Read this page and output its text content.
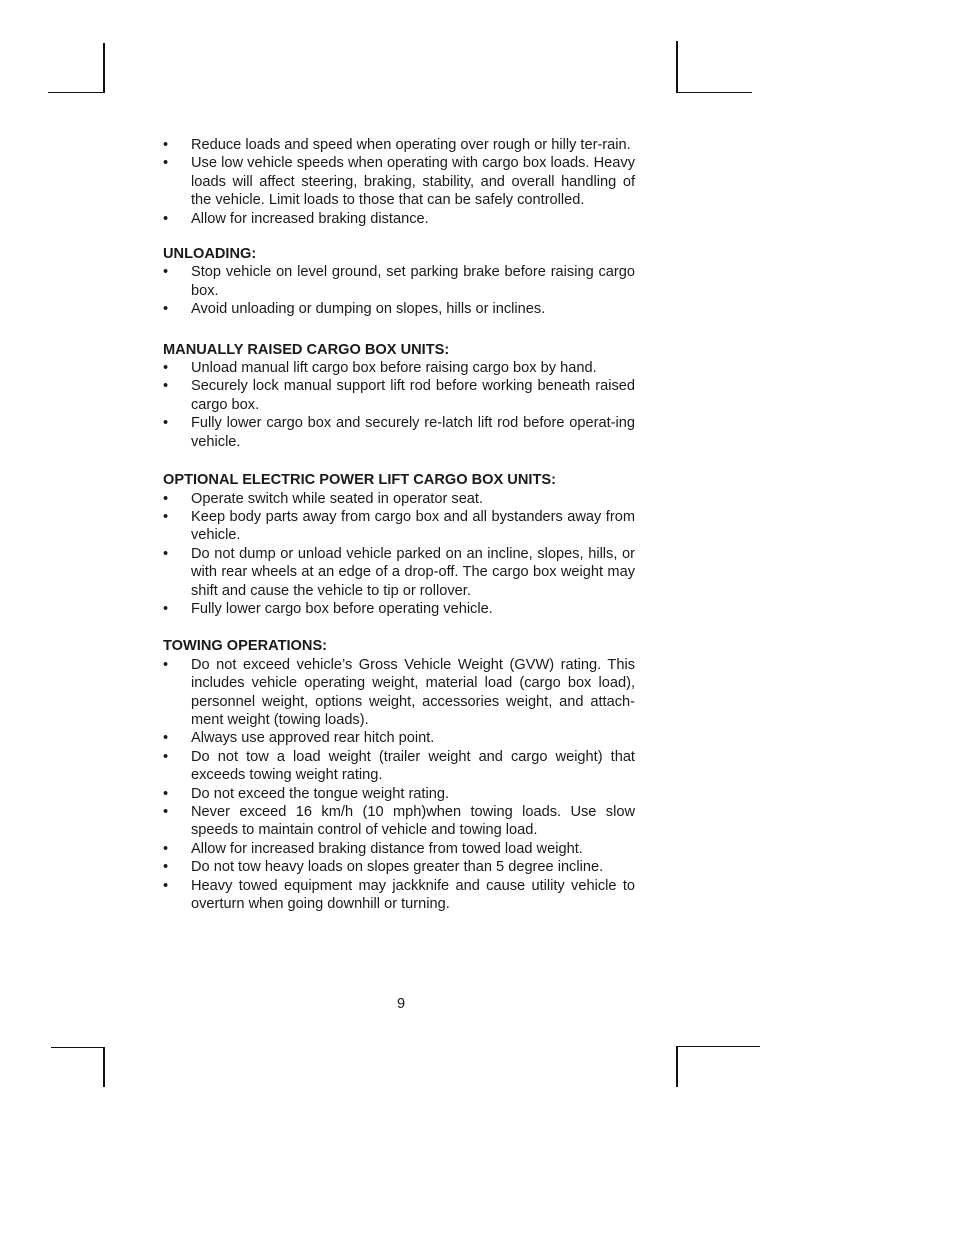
• Reduce loads and speed when operating over rough or hilly ter-rain.
• Use low vehicle speeds when operating with cargo box loads. Heavy loads will affect steering, braking, stability, and overall handling of the vehicle. Limit loads to those that can be safely controlled.
• Allow for increased braking distance.

UNLOADING:

• Stop vehicle on level ground, set parking brake before raising cargo box.
• Avoid unloading or dumping on slopes, hills or inclines.

MANUALLY RAISED CARGO BOX UNITS:

• Unload manual lift cargo box before raising cargo box by hand.
• Securely lock manual support lift rod before working beneath raised cargo box.
• Fully lower cargo box and securely re-latch lift rod before operat-ing vehicle.

OPTIONAL ELECTRIC POWER LIFT CARGO BOX UNITS:

• Operate switch while seated in operator seat.
• Keep body parts away from cargo box and all bystanders away from vehicle.
• Do not dump or unload vehicle parked on an incline, slopes, hills, or with rear wheels at an edge of a drop-off. The cargo box weight may shift and cause the vehicle to tip or rollover.
• Fully lower cargo box before operating vehicle.

TOWING OPERATIONS:

• Do not exceed vehicle’s Gross Vehicle Weight (GVW) rating. This includes vehicle operating weight, material load (cargo box load), personnel weight, options weight, accessories weight, and attach-ment weight (towing loads).
• Always use approved rear hitch point.
• Do not tow a load weight (trailer weight and cargo weight) that exceeds towing weight rating.
• Do not exceed the tongue weight rating.
• Never exceed 16 km/h (10 mph)when towing loads. Use slow speeds to maintain control of vehicle and towing load.
• Allow for increased braking distance from towed load weight.
• Do not tow heavy loads on slopes greater than 5 degree incline.
• Heavy towed equipment may jackknife and cause utility vehicle to overturn when going downhill or turning.
9
